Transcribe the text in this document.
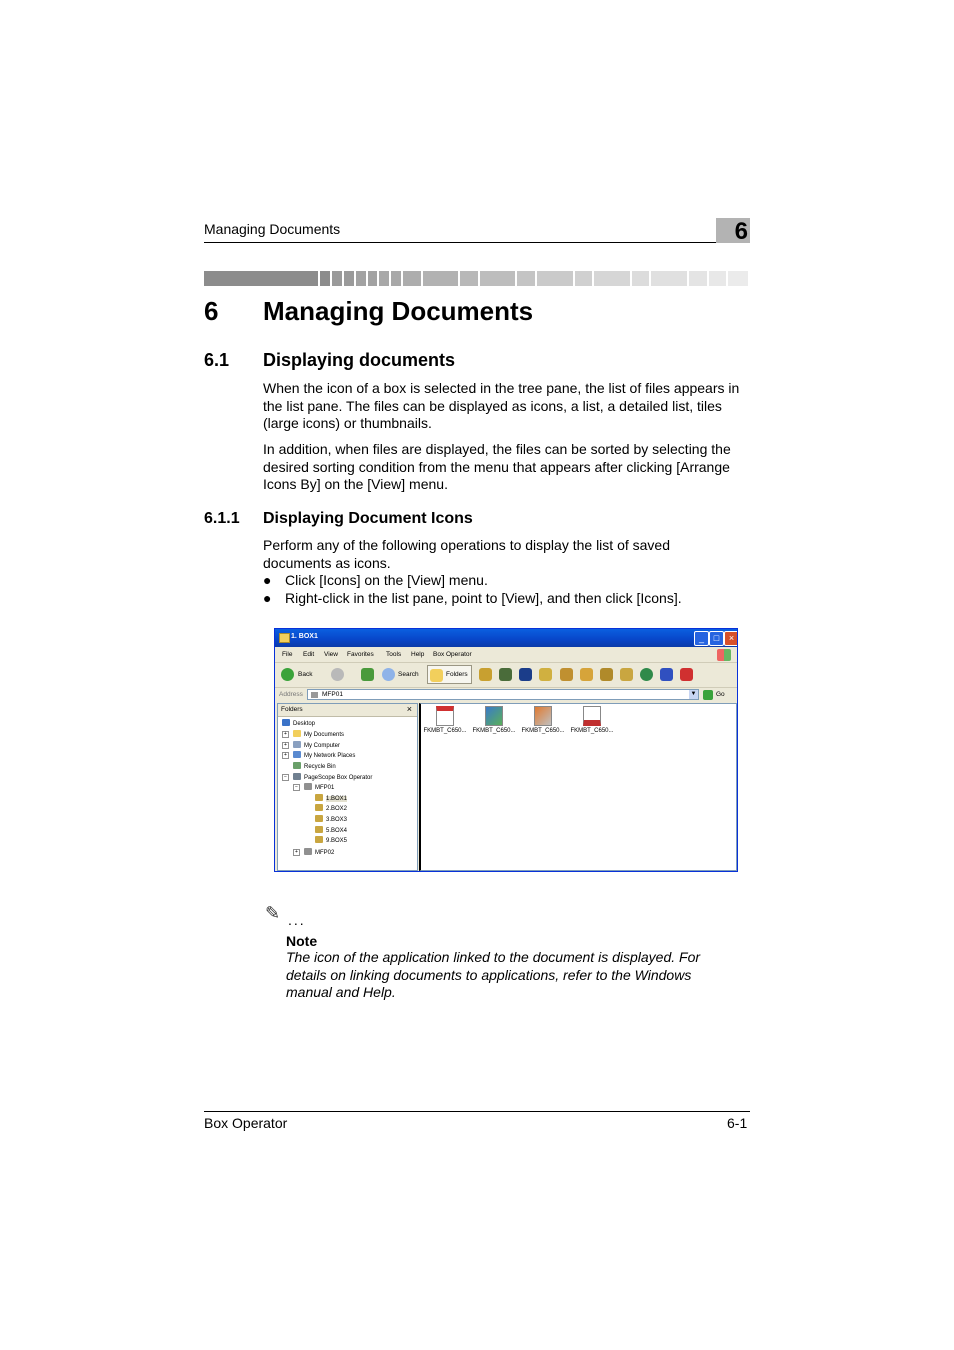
Managing Documents	6
6 Managing Documents
6.1 Displaying documents

When the icon of a box is selected in the tree pane, the list of files appears in the list pane. The files can be displayed as icons, a list, a detailed list, tiles (large icons) or thumbnails.

In addition, when files are displayed, the files can be sorted by selecting the desired sorting condition from the menu that appears after clicking [Arrange Icons By] on the [View] menu.

6.1.1 Displaying Document Icons

Perform any of the following operations to display the list of saved documents as icons.

● Click [Icons] on the [View] menu.
● Right-click in the list pane, point to [View], and then click [Icons].
1. BOX1	_	□	×
File Edit View Favorites Tools Help Box Operator
Back	Search	Folders
Address	MFP01	▼	Go
Folders	×
Desktop
+	My Documents
+	My Computer
+	My Network Places
Recycle Bin
−	PageScope Box Operator
−	MFP01
1.BOX1
2.BOX2
3.BOX3
5.BOX4
9.BOX5
+	MFP02
FKMBT_C650... FKMBT_C650... FKMBT_C650... FKMBT_C650...
✎ ...
Note
The icon of the application linked to the document is displayed. For details on linking documents to applications, refer to the Windows manual and Help.
Box Operator	6-1
